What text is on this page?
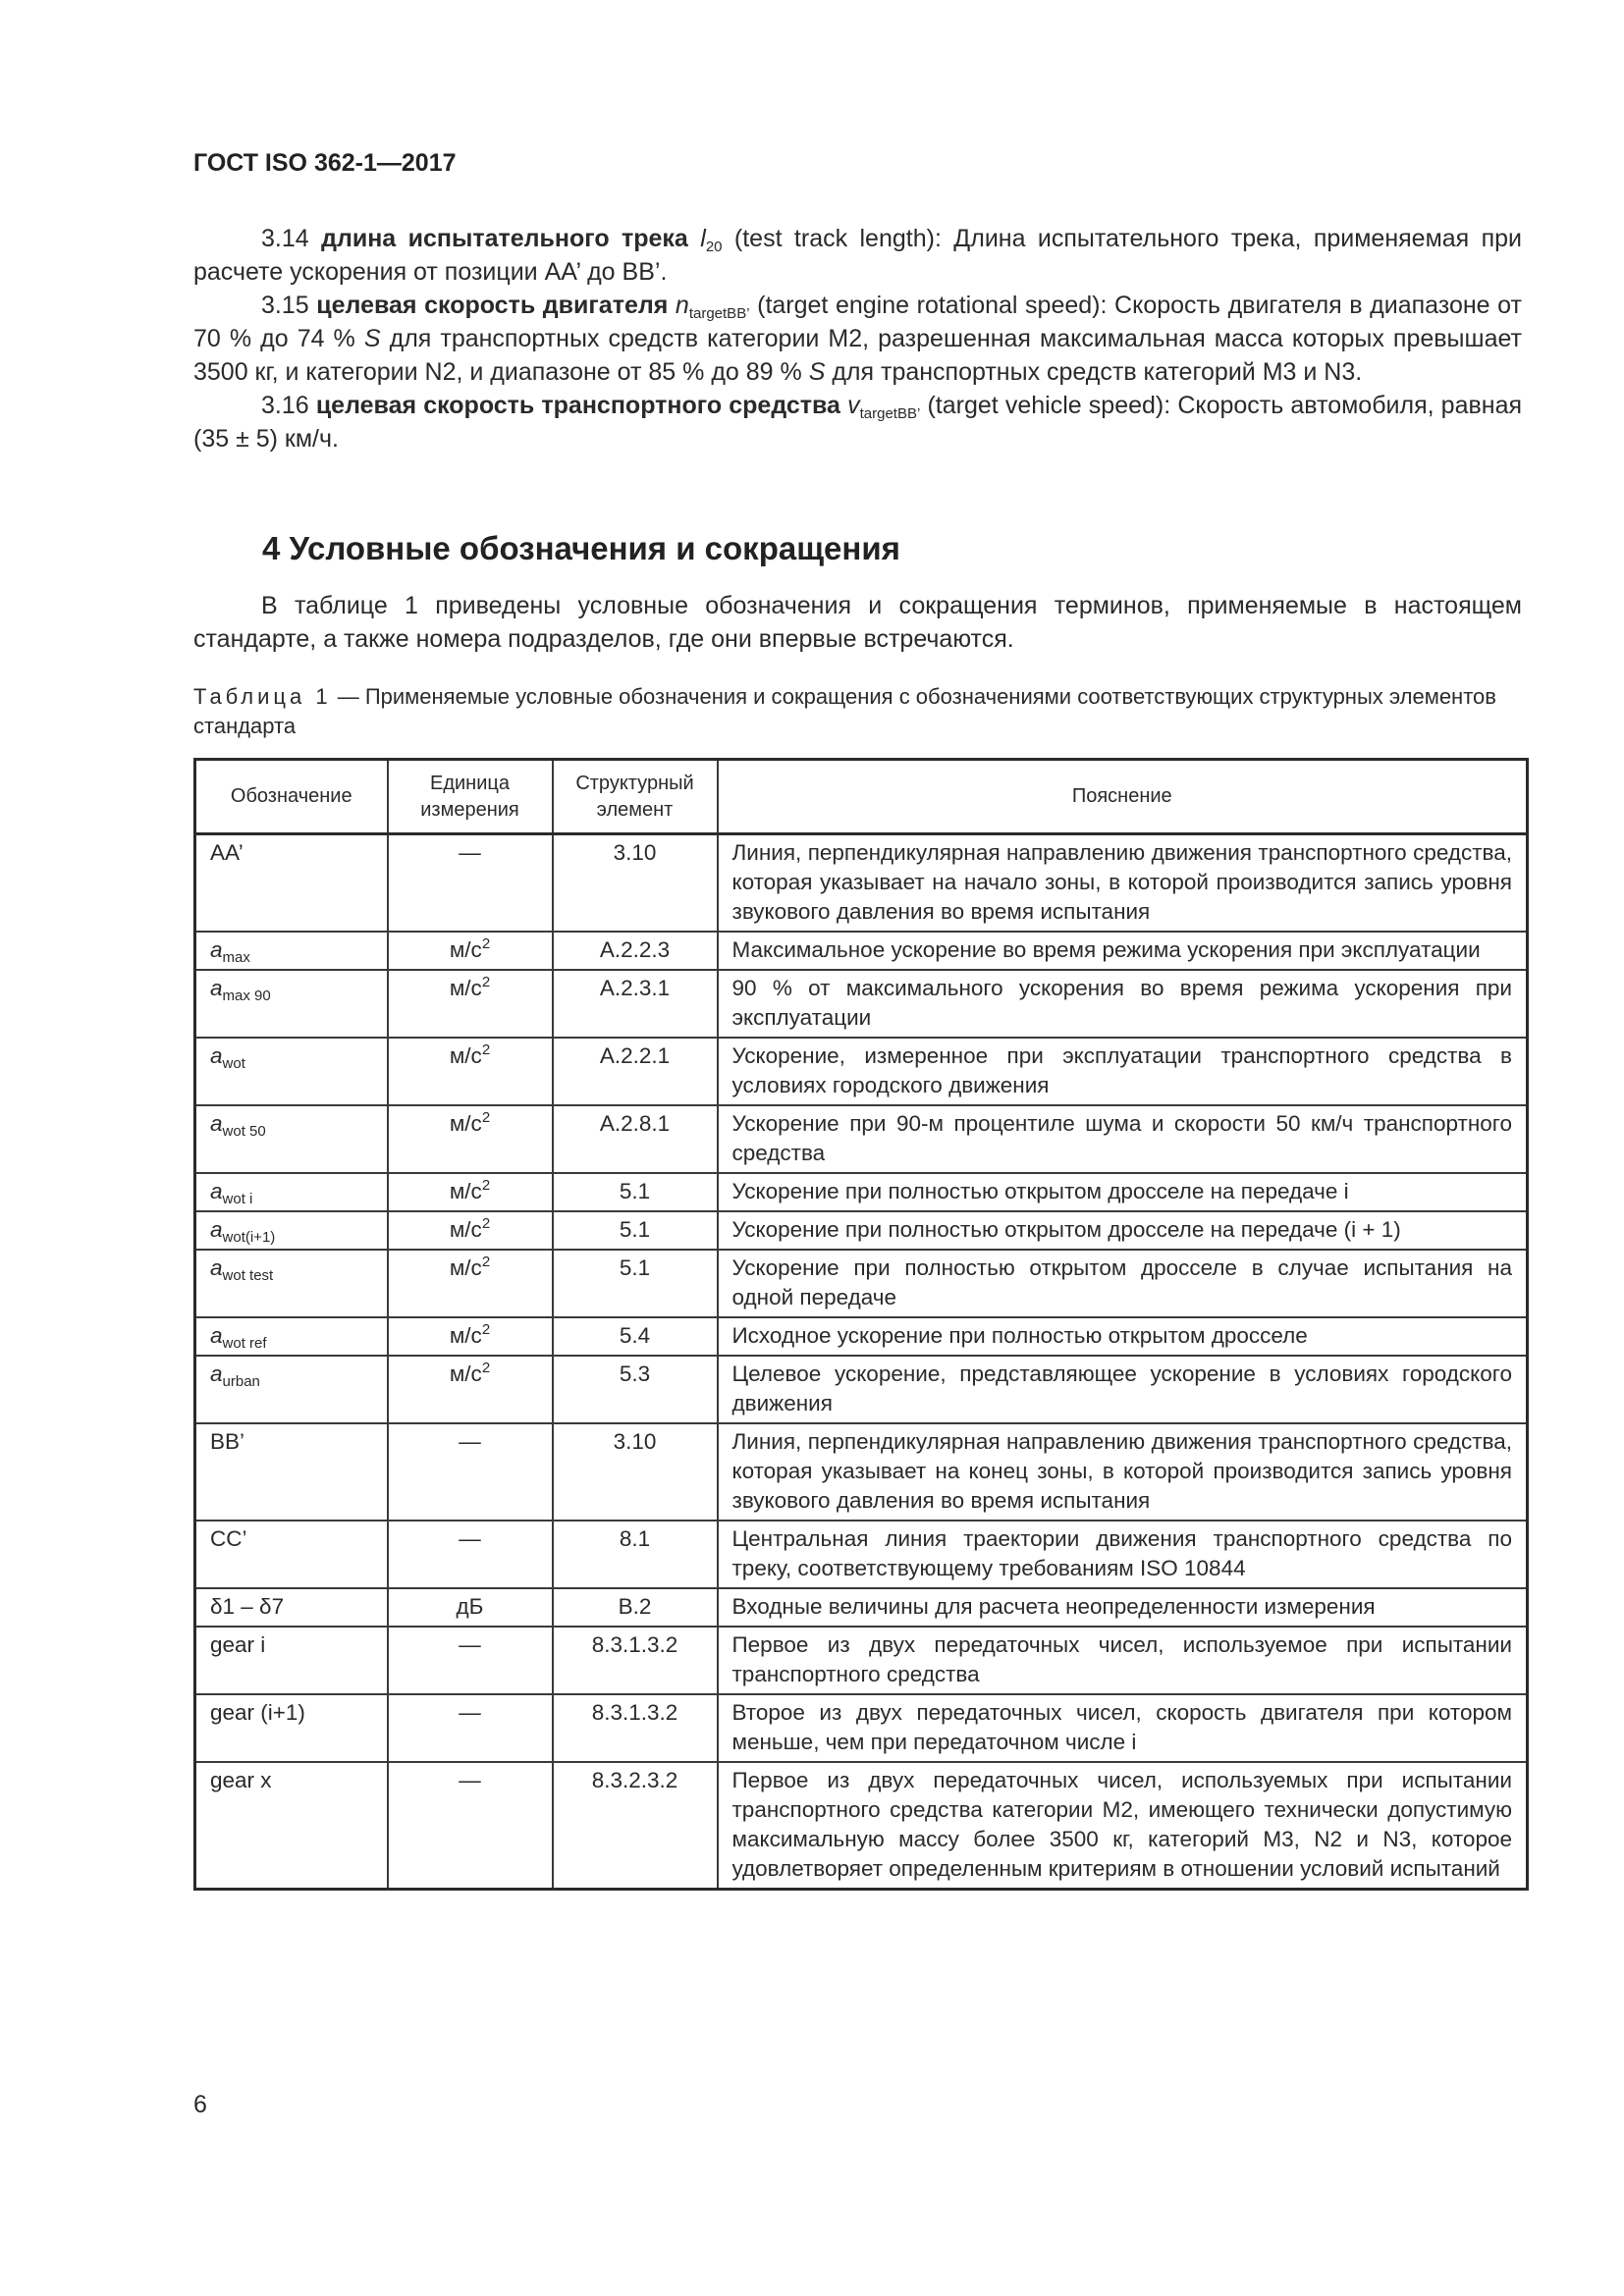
ГОСТ ISO 362-1—2017

3.14 длина испытательного трека $l_{20}$ (test track length): Длина испытательного трека, применяемая при расчете ускорения от позиции АА’ до ВВ’.

3.15 целевая скорость двигателя $n_{targetBB’}$ (target engine rotational speed): Скорость двигателя в диапазоне от 70 % до 74 % S для транспортных средств категории М2, разрешенная максимальная масса которых превышает 3500 кг, и категории N2, и диапазоне от 85 % до 89 % S для транспортных средств категорий М3 и N3.

3.16 целевая скорость транспортного средства $v_{targetBB’}$ (target vehicle speed): Скорость автомобиля, равная (35 ± 5) км/ч.

4 Условные обозначения и сокращения

В таблице 1 приведены условные обозначения и сокращения терминов, применяемые в настоящем стандарте, а также номера подразделов, где они впервые встречаются.

Таблица 1 — Применяемые условные обозначения и сокращения с обозначениями соответствующих структурных элементов стандарта

Обозначение	Единица измерения	Структурный элемент	Пояснение
АА’	—	3.10	Линия, перпендикулярная направлению движения транспортного средства, которая указывает на начало зоны, в которой производится запись уровня звукового давления во время испытания
$a_{max}$	$м/с^2$	А.2.2.3	Максимальное ускорение во время режима ускорения при эксплуатации
$a_{max 90}$	$м/с^2$	А.2.3.1	90 % от максимального ускорения во время режима ускорения при эксплуатации
$a_{wot}$	$м/с^2$	А.2.2.1	Ускорение, измеренное при эксплуатации транспортного средства в условиях городского движения
$a_{wot 50}$	$м/с^2$	А.2.8.1	Ускорение при 90-м процентиле шума и скорости 50 км/ч транспортного средства
$a_{wot i}$	$м/с^2$	5.1	Ускорение при полностью открытом дросселе на передаче i
$a_{wot(i+1)}$	$м/с^2$	5.1	Ускорение при полностью открытом дросселе на передаче (i + 1)
$a_{wot test}$	$м/с^2$	5.1	Ускорение при полностью открытом дросселе в случае испытания на одной передаче
$a_{wot ref}$	$м/с^2$	5.4	Исходное ускорение при полностью открытом дросселе
$a_{urban}$	$м/с^2$	5.3	Целевое ускорение, представляющее ускорение в условиях городского движения
ВВ’	—	3.10	Линия, перпендикулярная направлению движения транспортного средства, которая указывает на конец зоны, в которой производится запись уровня звукового давления во время испытания
СС’	—	8.1	Центральная линия траектории движения транспортного средства по треку, соответствующему требованиям ISO 10844
δ1 – δ7	дБ	В.2	Входные величины для расчета неопределенности измерения
gear i	—	8.3.1.3.2	Первое из двух передаточных чисел, используемое при испытании транспортного средства
gear (i+1)	—	8.3.1.3.2	Второе из двух передаточных чисел, скорость двигателя при котором меньше, чем при передаточном числе i
gear x	—	8.3.2.3.2	Первое из двух передаточных чисел, используемых при испытании транспортного средства категории М2, имеющего технически допустимую максимальную массу более 3500 кг, категорий М3, N2 и N3, которое удовлетворяет определенным критериям в отношении условий испытаний
6
